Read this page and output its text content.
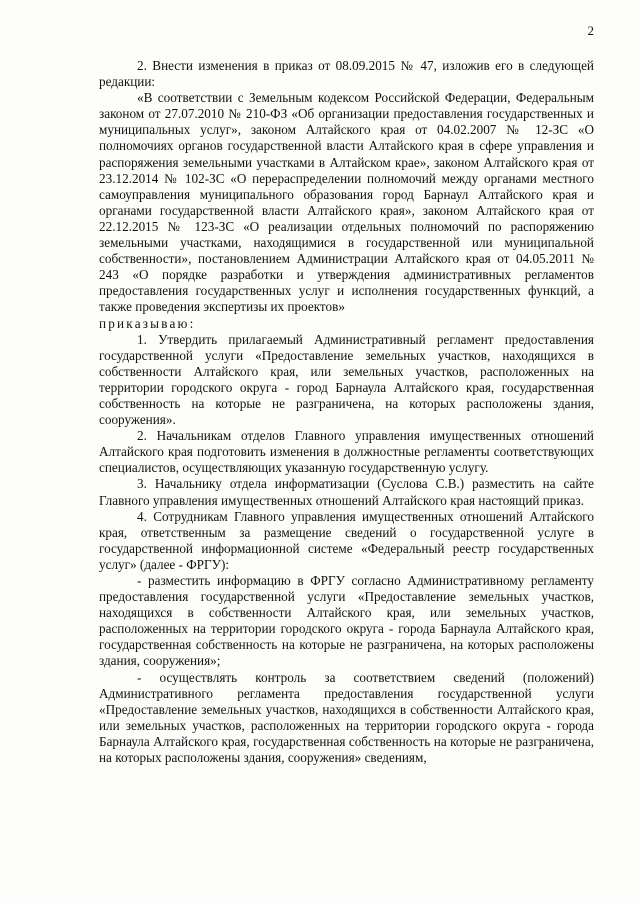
2

2. Внести изменения в приказ от 08.09.2015 № 47, изложив его в следующей редакции:

«В соответствии с Земельным кодексом Российской Федерации, Федеральным законом от 27.07.2010 № 210-ФЗ «Об организации предоставления государственных и муниципальных услуг», законом Алтайского края от 04.02.2007 № 12-ЗС «О полномочиях органов государственной власти Алтайского края в сфере управления и распоряжения земельными участками в Алтайском крае», законом Алтайского края от 23.12.2014 № 102-ЗС «О перераспределении полномочий между органами местного самоуправления муниципального образования город Барнаул Алтайского края и органами государственной власти Алтайского края», законом Алтайского края от 22.12.2015 № 123-ЗС «О реализации отдельных полномочий по распоряжению земельными участками, находящимися в государственной или муниципальной собственности», постановлением Администрации Алтайского края от 04.05.2011 № 243 «О порядке разработки и утверждения административных регламентов предоставления государственных услуг и исполнения государственных функций, а также проведения экспертизы их проектов»

приказываю:

1. Утвердить прилагаемый Административный регламент предоставления государственной услуги «Предоставление земельных участков, находящихся в собственности Алтайского края, или земельных участков, расположенных на территории городского округа - город Барнаула Алтайского края, государственная собственность на которые не разграничена, на которых расположены здания, сооружения».

2. Начальникам отделов Главного управления имущественных отношений Алтайского края подготовить изменения в должностные регламенты соответствующих специалистов, осуществляющих указанную государственную услугу.

3. Начальнику отдела информатизации (Суслова С.В.) разместить на сайте Главного управления имущественных отношений Алтайского края настоящий приказ.

4. Сотрудникам Главного управления имущественных отношений Алтайского края, ответственным за размещение сведений о государственной услуге в государственной информационной системе «Федеральный реестр государственных услуг» (далее - ФРГУ):

- разместить информацию в ФРГУ согласно Административному регламенту предоставления государственной услуги «Предоставление земельных участков, находящихся в собственности Алтайского края, или земельных участков, расположенных на территории городского округа - города Барнаула Алтайского края, государственная собственность на которые не разграничена, на которых расположены здания, сооружения»;

- осуществлять контроль за соответствием сведений (положений) Административного регламента предоставления государственной услуги «Предоставление земельных участков, находящихся в собственности Алтайского края, или земельных участков, расположенных на территории городского округа - города Барнаула Алтайского края, государственная собственность на которые не разграничена, на которых расположены здания, сооружения» сведениям,
